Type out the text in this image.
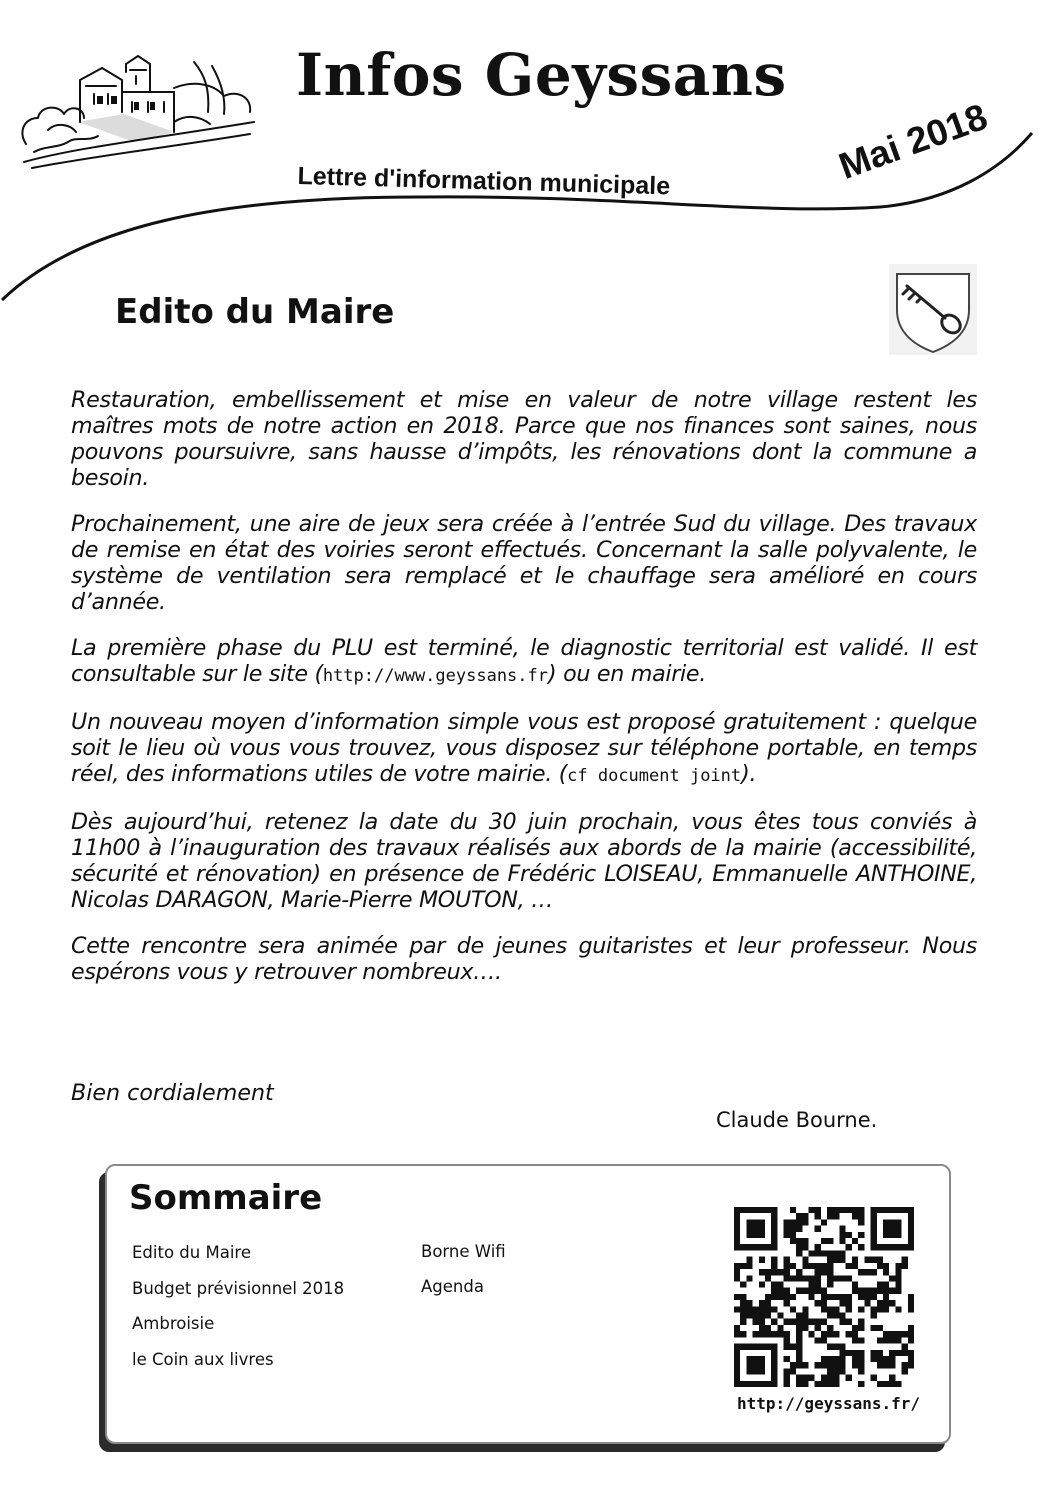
Infos Geyssans
Lettre d'information municipale	Mai 2018
Edito du Maire

Restauration, embellissement et mise en valeur de notre village restent les maîtres mots de notre action en 2018. Parce que nos finances sont saines, nous pouvons poursuivre, sans hausse d’impôts, les rénovations dont la commune a besoin.

Prochainement, une aire de jeux sera créée à l’entrée Sud du village. Des travaux de remise en état des voiries seront effectués. Concernant la salle polyvalente, le système de ventilation sera remplacé et le chauffage sera amélioré en cours d’année.

La première phase du PLU est terminé, le diagnostic territorial est validé. Il est consultable sur le site (http://www.geyssans.fr) ou en mairie.

Un nouveau moyen d’information simple vous est proposé gratuitement : quelque soit le lieu où vous vous trouvez, vous disposez sur téléphone portable, en temps réel, des informations utiles de votre mairie. (cf document joint).

Dès aujourd’hui, retenez la date du 30 juin prochain, vous êtes tous conviés à 11h00 à l’inauguration des travaux réalisés aux abords de la mairie (accessibilité, sécurité et rénovation) en présence de Frédéric LOISEAU, Emmanuelle ANTHOINE, Nicolas DARAGON, Marie-Pierre MOUTON, …

Cette rencontre sera animée par de jeunes guitaristes et leur professeur. Nous espérons vous y retrouver nombreux….

Bien cordialement
Claude Bourne.
Sommaire
Edito du Maire
Budget prévisionnel 2018
Ambroisie
le Coin aux livres
Borne Wifi
Agenda
http://geyssans.fr/
